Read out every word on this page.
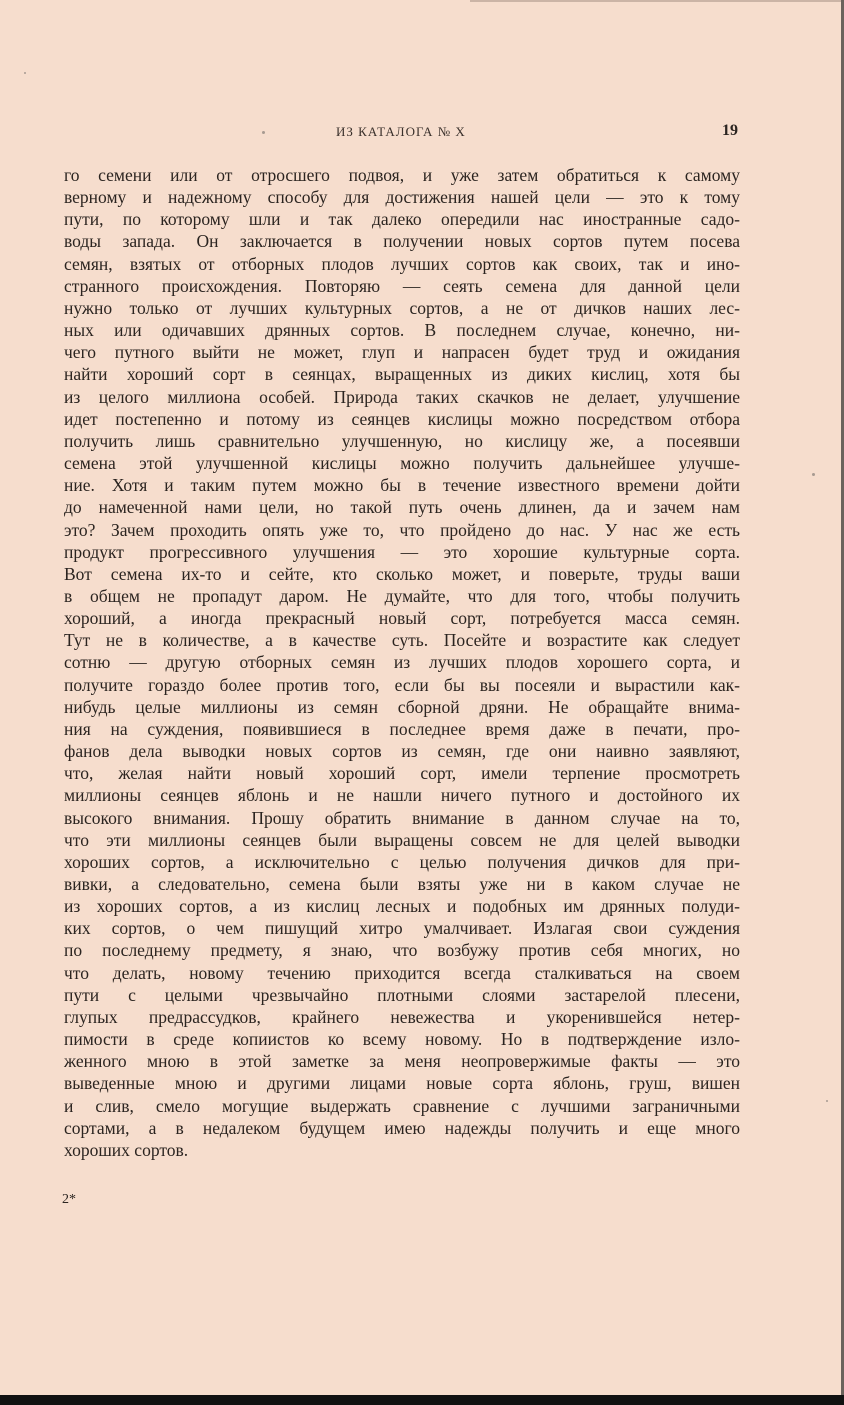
ИЗ КАТАЛОГА № X	19
го семени или от отросшего подвоя, и уже затем обратиться к самому
верному и надежному способу для достижения нашей цели — это к тому
пути, по которому шли и так далеко опередили нас иностранные садо-
воды запада. Он заключается в получении новых сортов путем посева
семян, взятых от отборных плодов лучших сортов как своих, так и ино-
странного происхождения. Повторяю — сеять семена для данной цели
нужно только от лучших культурных сортов, а не от дичков наших лес-
ных или одичавших дрянных сортов. В последнем случае, конечно, ни-
чего путного выйти не может, глуп и напрасен будет труд и ожидания
найти хороший сорт в сеянцах, выращенных из диких кислиц, хотя бы
из целого миллиона особей. Природа таких скачков не делает, улучшение
идет постепенно и потому из сеянцев кислицы можно посредством отбора
получить лишь сравнительно улучшенную, но кислицу же, а посеявши
семена этой улучшенной кислицы можно получить дальнейшее улучше-
ние. Хотя и таким путем можно бы в течение известного времени дойти
до намеченной нами цели, но такой путь очень длинен, да и зачем нам
это? Зачем проходить опять уже то, что пройдено до нас. У нас же есть
продукт прогрессивного улучшения — это хорошие культурные сорта.
Вот семена их-то и сейте, кто сколько может, и поверьте, труды ваши
в общем не пропадут даром. Не думайте, что для того, чтобы получить
хороший, а иногда прекрасный новый сорт, потребуется масса семян.
Тут не в количестве, а в качестве суть. Посейте и возрастите как следует
сотню — другую отборных семян из лучших плодов хорошего сорта, и
получите гораздо более против того, если бы вы посеяли и вырастили как-
нибудь целые миллионы из семян сборной дряни. Не обращайте внима-
ния на суждения, появившиеся в последнее время даже в печати, про-
фанов дела выводки новых сортов из семян, где они наивно заявляют,
что, желая найти новый хороший сорт, имели терпение просмотреть
миллионы сеянцев яблонь и не нашли ничего путного и достойного их
высокого внимания. Прошу обратить внимание в данном случае на то,
что эти миллионы сеянцев были выращены совсем не для целей выводки
хороших сортов, а исключительно с целью получения дичков для при-
вивки, а следовательно, семена были взяты уже ни в каком случае не
из хороших сортов, а из кислиц лесных и подобных им дрянных полуди-
ких сортов, о чем пишущий хитро умалчивает. Излагая свои суждения
по последнему предмету, я знаю, что возбужу против себя многих, но
что делать, новому течению приходится всегда сталкиваться на своем
пути с целыми чрезвычайно плотными слоями застарелой плесени,
глупых предрассудков, крайнего невежества и укоренившейся нетер-
пимости в среде копиистов ко всему новому. Но в подтверждение изло-
женного мною в этой заметке за меня неопровержимые факты — это
выведенные мною и другими лицами новые сорта яблонь, груш, вишен
и слив, смело могущие выдержать сравнение с лучшими заграничными
сортами, а в недалеком будущем имею надежды получить и еще много
хороших сортов.
2*
